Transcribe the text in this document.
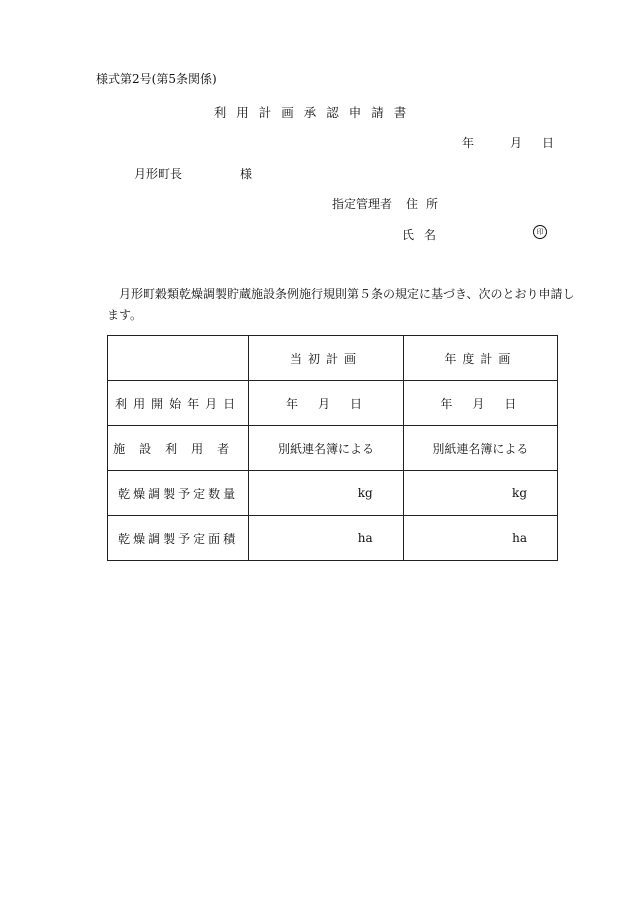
様式第2号(第5条関係)
利用計画承認申請書
年	月 日
月形町長	様
指定管理者 住所
氏名	印
月形町穀類乾燥調製貯蔵施設条例施行規則第５条の規定に基づき、次のとおり申請します。
	当初計画	年度計画
利用開始年月日	年　月　日	年　月　日
施設利用者	別紙連名簿による	別紙連名簿による
乾燥調製予定数量	kg	kg
乾燥調製予定面積	ha	ha
